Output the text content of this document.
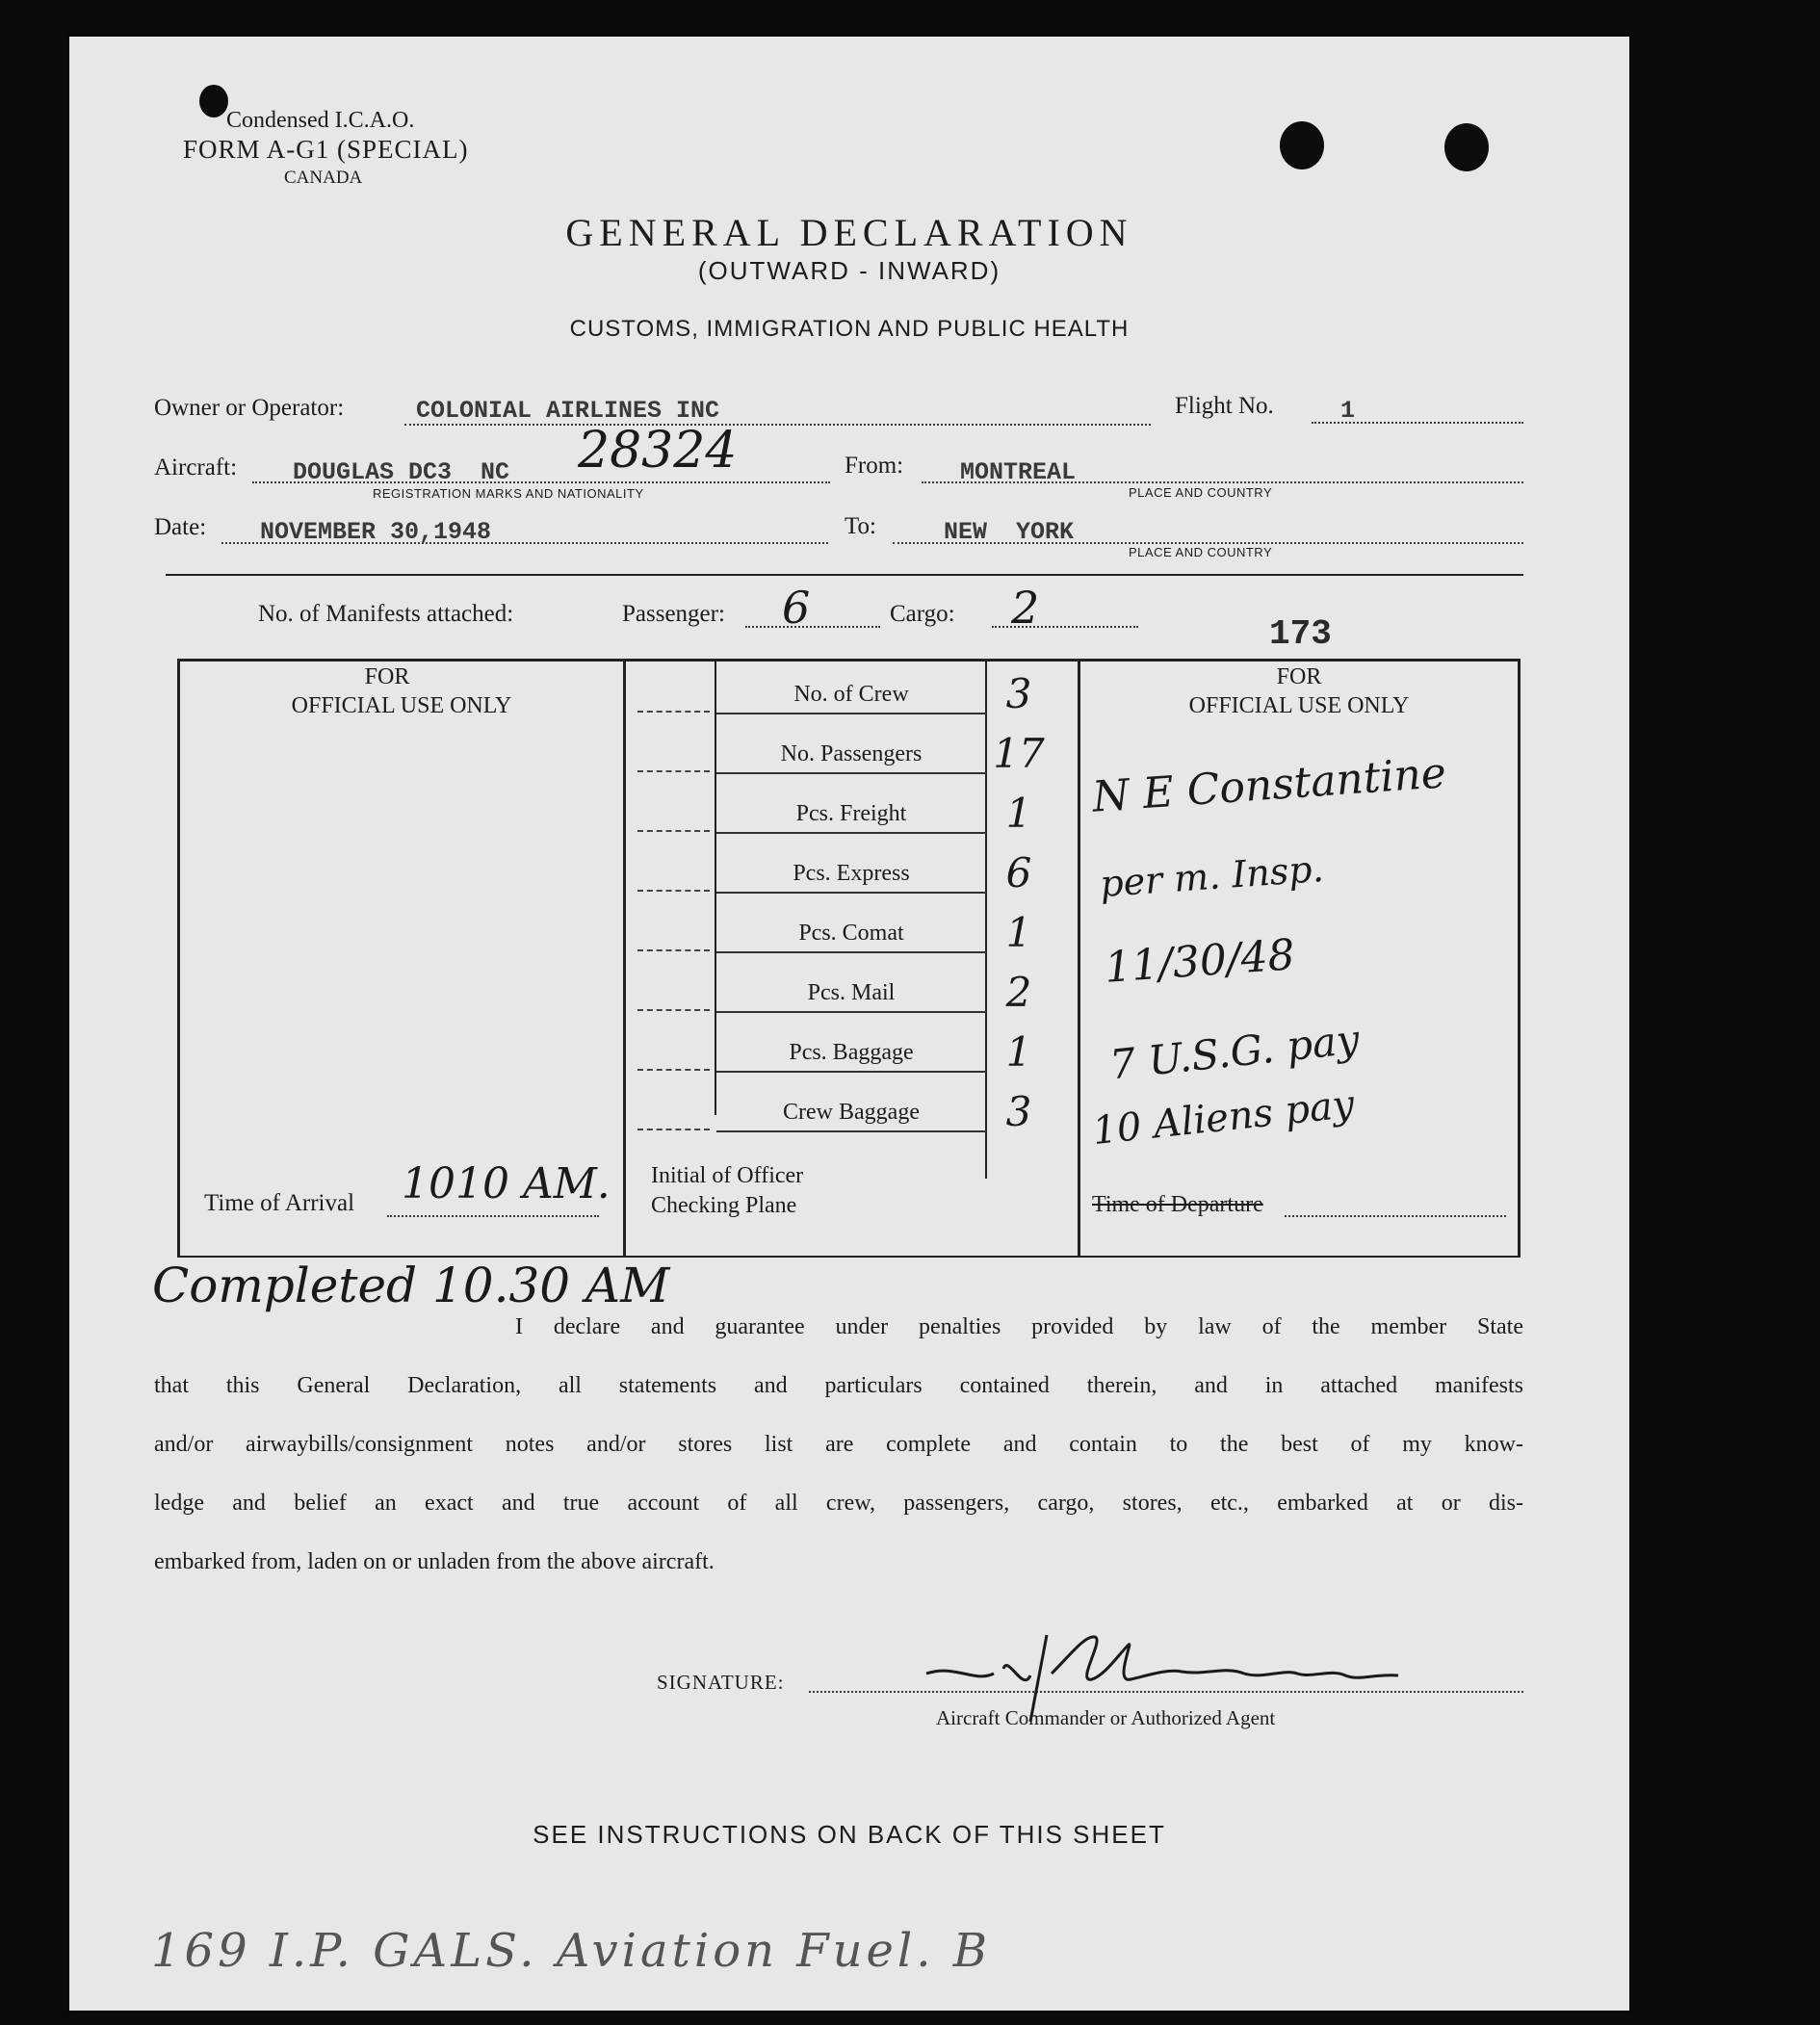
Condensed I.C.A.O.
FORM A-G1 (SPECIAL)
CANADA
GENERAL DECLARATION
(OUTWARD - INWARD)
CUSTOMS, IMMIGRATION AND PUBLIC HEALTH
Owner or Operator:	COLONIAL AIRLINES INC	Flight No.	1
Aircraft: DOUGLAS DC3  NC 28324
REGISTRATION MARKS AND NATIONALITY
From: MONTREAL
PLACE AND COUNTRY
Date: NOVEMBER 30,1948	To:	NEW  YORK
PLACE AND COUNTRY
No. of Manifests attached:	Passenger: 6	Cargo: 2
173
FOR
OFFICIAL USE ONLY
FOR
OFFICIAL USE ONLY
No. of Crew	3
No. Passengers	17
Pcs. Freight	1
Pcs. Express	6
Pcs. Comat	1
Pcs. Mail	2
Pcs. Baggage	1
Crew Baggage	3
N E Constantine
per m. Insp.
11/30/48
7 U.S.G. pay
10 Aliens pay
Time of Arrival 1010 AM. Initial of Officer
Checking Plane	Time of Departure
Completed 10.30 AM
I declare and guarantee under penalties provided by law of the member State
that this General Declaration, all statements and particulars contained therein, and in attached manifests
and/or airwaybills/consignment notes and/or stores list are complete and contain to the best of my know-
ledge and belief an exact and true account of all crew, passengers, cargo, stores, etc., embarked at or dis-
embarked from, laden on or unladen from the above aircraft.
SIGNATURE:
Aircraft Commander or Authorized Agent
SEE INSTRUCTIONS ON BACK OF THIS SHEET
169 I.P. GALS. Aviation Fuel. B
